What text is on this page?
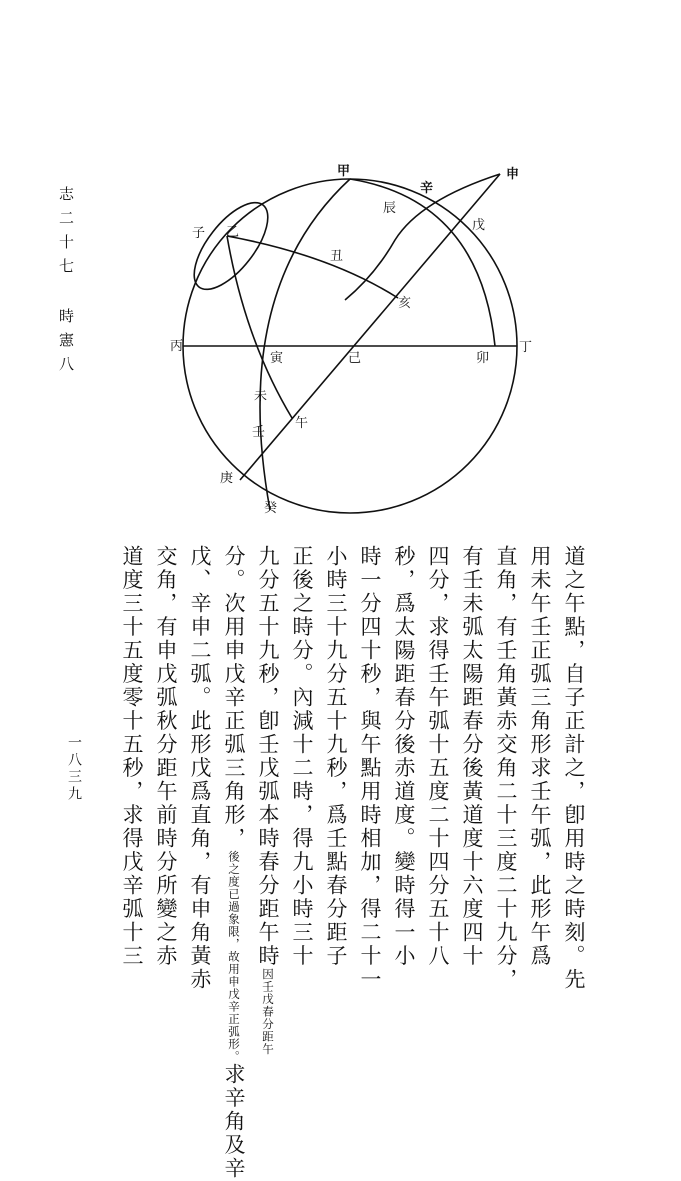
志二十七時憲八
甲	申
辛
辰
戊
子 乙
丑
亥
丙
寅	己	卯
丁
未
午
壬
庚
癸
道之午點，自子正計之，卽用時之時刻。先
用未午壬正弧三角形求壬午弧，此形午爲
直角，有壬角黃赤交角二十三度二十九分，
有壬未弧太陽距春分後黃道度十六度四十
四分，求得壬午弧十五度二十四分五十八
秒，爲太陽距春分後赤道度。變時得一小
時一分四十秒，與午點用時相加，得二十一
小時三十九分五十九秒，爲壬點春分距子
正後之時分。內減十二時，得九小時三十
九分五十九秒，卽壬戊弧本時春分距午時因壬戊春分距午
分。次用申戊辛正弧三角形，後之度已過象限，故用申戊辛正弧形。求辛角及辛
戊、辛申二弧。此形戊爲直角，有申角黃赤
交角，有申戊弧秋分距午前時分所變之赤
道度三十五度零十五秒，求得戊辛弧十三
一八三九
